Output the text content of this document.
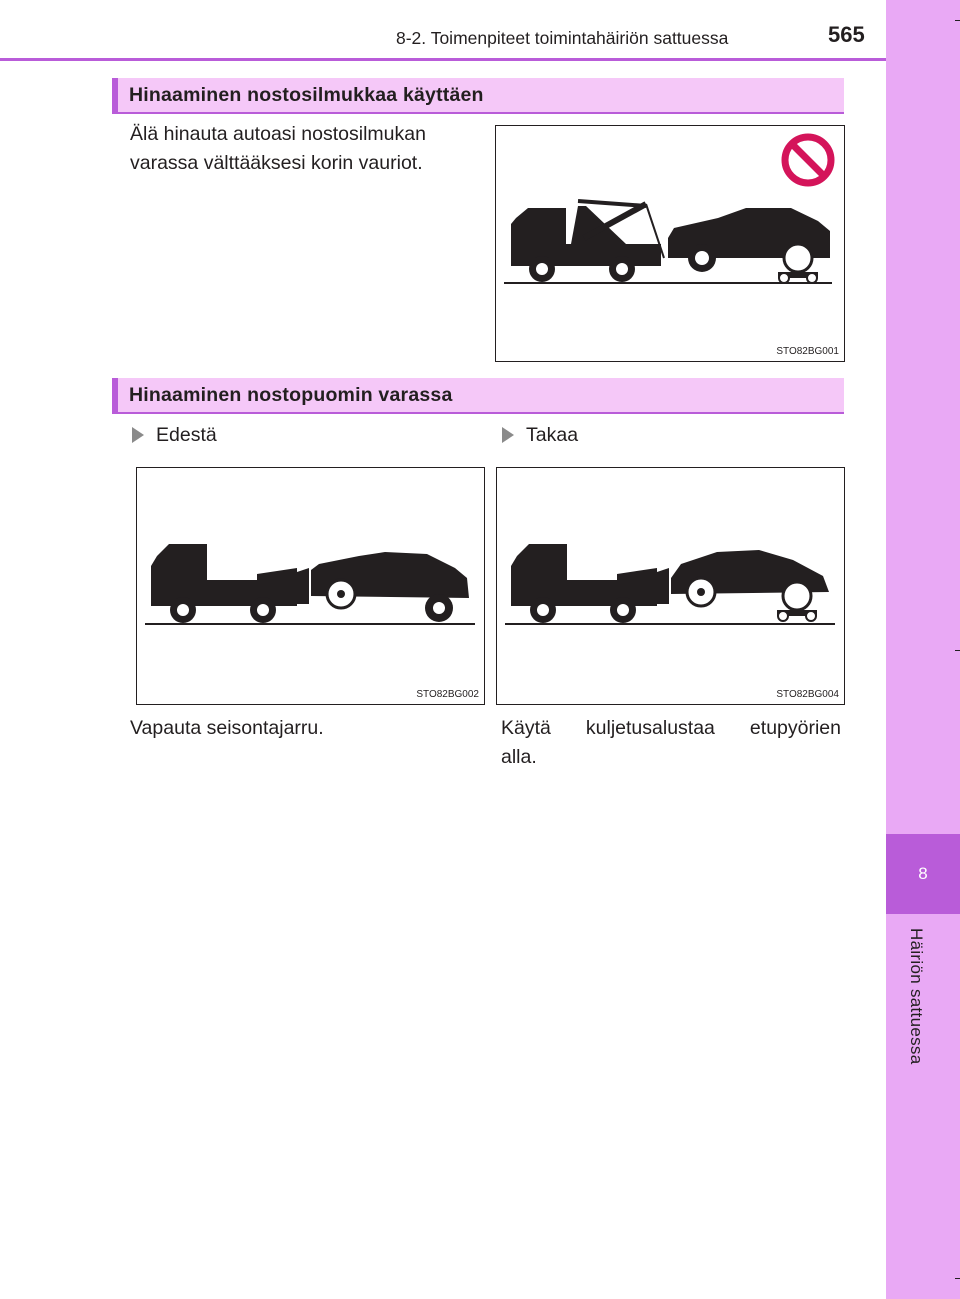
8
Häiriön sattuessa
8-2. Toimenpiteet toimintahäiriön sattuessa	565
Hinaaminen nostosilmukkaa käyttäen
Älä hinauta autoasi nostosilmukan
varassa välttääksesi korin vauriot.
STO82BG001
Hinaaminen nostopuomin varassa
Edestä	Takaa
STO82BG002	STO82BG004
Vapauta seisontajarru.	Käytä kuljetusalustaa etupyörien
alla.
